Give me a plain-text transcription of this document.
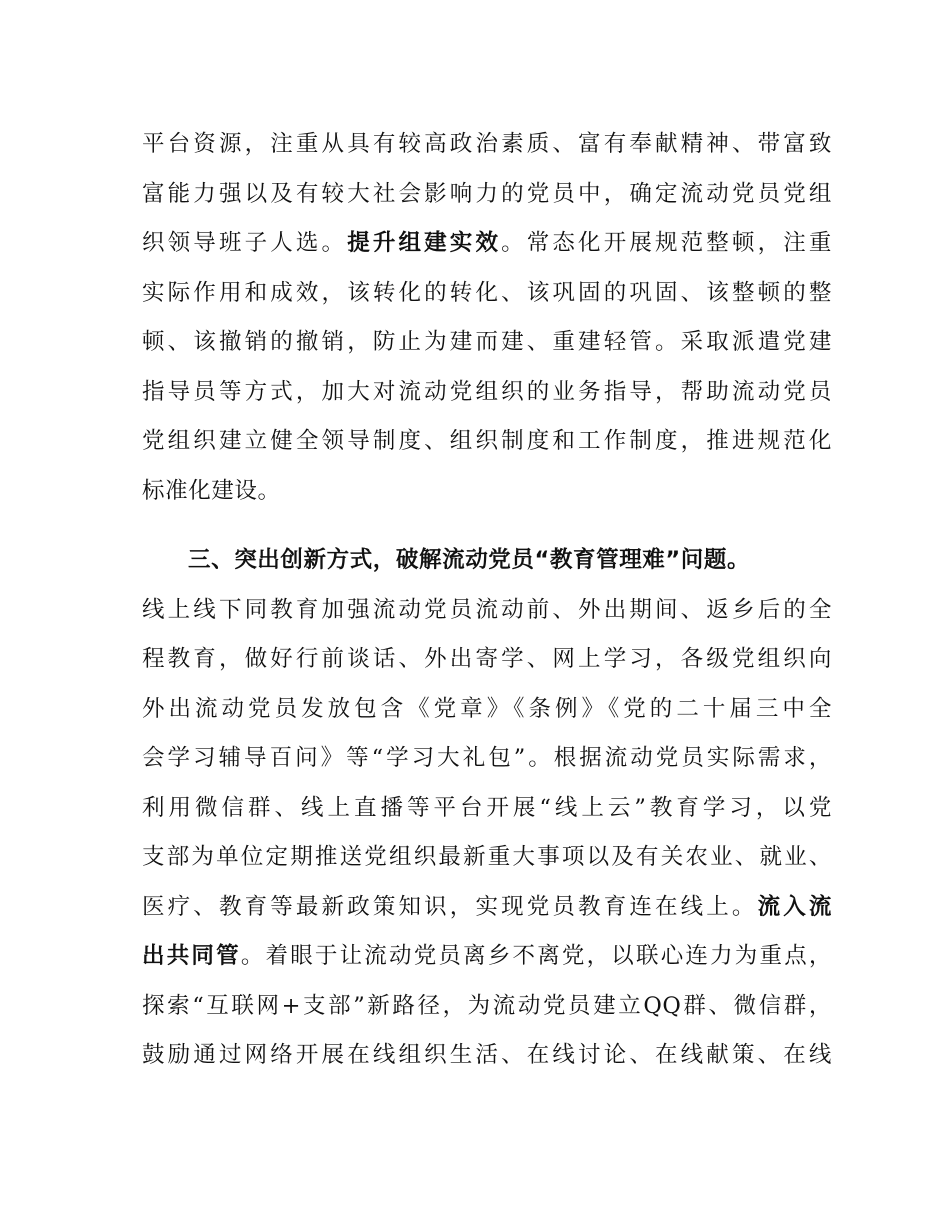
平台资源，注重从具有较高政治素质、富有奉献精神、带富致
富能力强以及有较大社会影响力的党员中，确定流动党员党组
织领导班子人选。提升组建实效。常态化开展规范整顿，注重
实际作用和成效，该转化的转化、该巩固的巩固、该整顿的整
顿、该撤销的撤销，防止为建而建、重建轻管。采取派遣党建
指导员等方式，加大对流动党组织的业务指导，帮助流动党员
党组织建立健全领导制度、组织制度和工作制度，推进规范化
标准化建设。
三、突出创新方式，破解流动党员“教育管理难”问题。
线上线下同教育加强流动党员流动前、外出期间、返乡后的全
程教育，做好行前谈话、外出寄学、网上学习，各级党组织向
外出流动党员发放包含《党章》《条例》《党的二十届三中全
会学习辅导百问》等“学习大礼包”。根据流动党员实际需求，
利用微信群、线上直播等平台开展“线上云”教育学习，以党
支部为单位定期推送党组织最新重大事项以及有关农业、就业、
医疗、教育等最新政策知识，实现党员教育连在线上。流入流
出共同管。着眼于让流动党员离乡不离党，以联心连力为重点，
探索“互联网+支部”新路径，为流动党员建立QQ群、微信群，
鼓励通过网络开展在线组织生活、在线讨论、在线献策、在线
